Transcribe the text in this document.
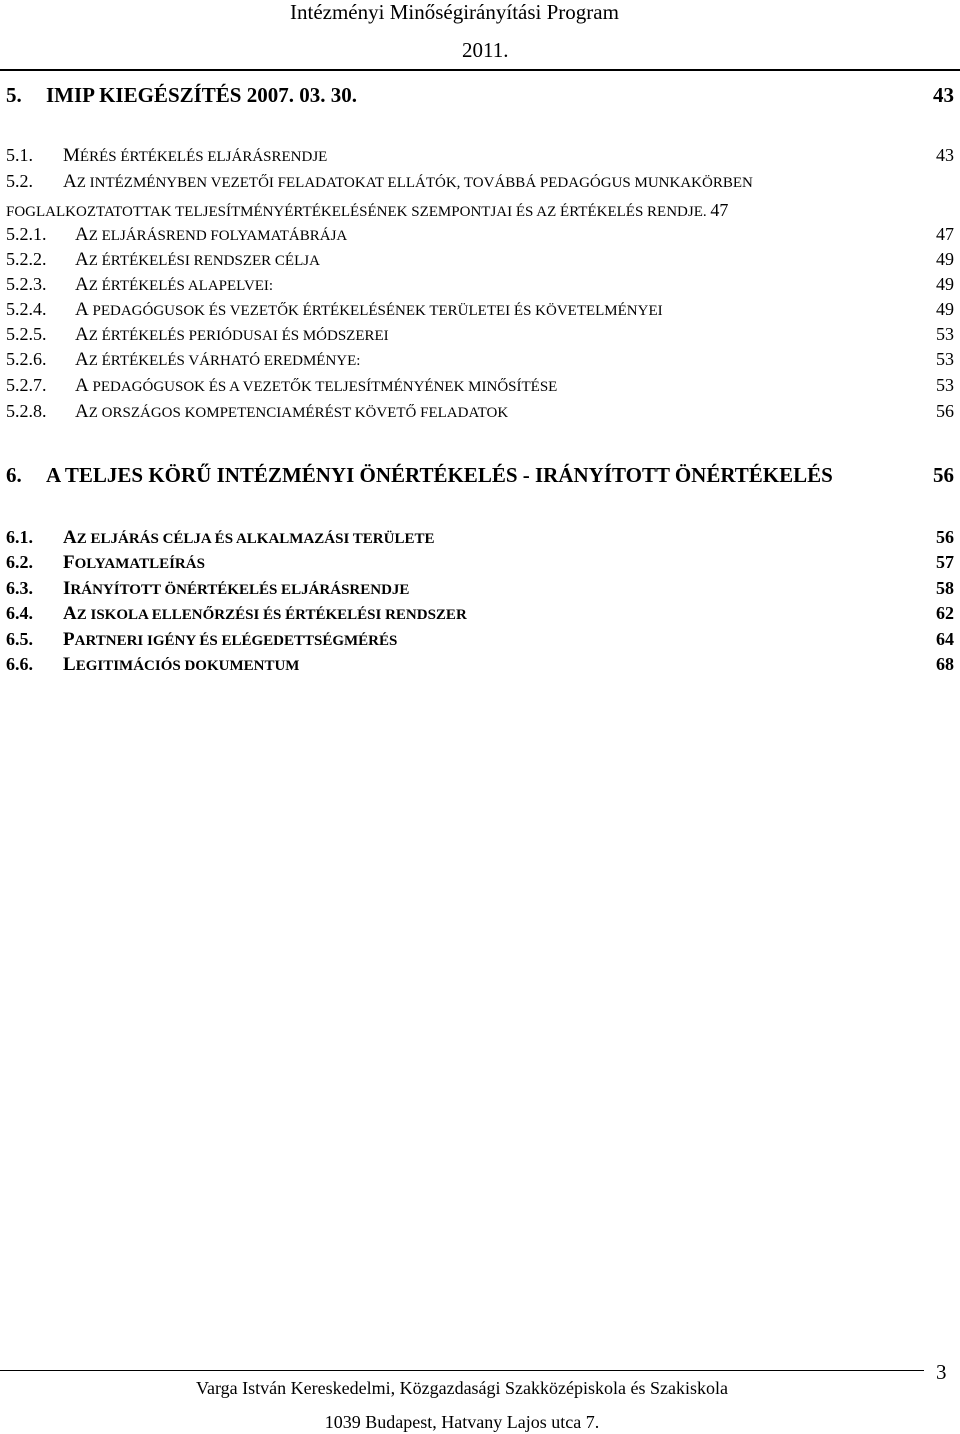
Intézményi Minőségirányítási Program
2011.
5. IMIP KIEGÉSZÍTÉS 2007. 03. 30.	43
5.1. MÉRÉS ÉRTÉKELÉS ELJÁRÁSRENDJE	43
5.2. AZ INTÉZMÉNYBEN VEZETŐI FELADATOKAT ELLÁTÓK, TOVÁBBÁ PEDAGÓGUS MUNKAKÖRBEN
FOGLALKOZTATOTTAK TELJESÍTMÉNYÉRTÉKELÉSÉNEK SZEMPONTJAI ÉS AZ ÉRTÉKELÉS RENDJE. 47
5.2.1. AZ ELJÁRÁSREND FOLYAMATÁBRÁJA	47
5.2.2. AZ ÉRTÉKELÉSI RENDSZER CÉLJA	49
5.2.3. AZ ÉRTÉKELÉS ALAPELVEI:	49
5.2.4. A PEDAGÓGUSOK ÉS VEZETŐK ÉRTÉKELÉSÉNEK TERÜLETEI ÉS KÖVETELMÉNYEI	49
5.2.5. AZ ÉRTÉKELÉS PERIÓDUSAI ÉS MÓDSZEREI	53
5.2.6. AZ ÉRTÉKELÉS VÁRHATÓ EREDMÉNYE:	53
5.2.7. A PEDAGÓGUSOK ÉS A VEZETŐK TELJESÍTMÉNYÉNEK MINŐSÍTÉSE	53
5.2.8. AZ ORSZÁGOS KOMPETENCIAMÉRÉST KÖVETŐ FELADATOK	56
6. A TELJES KÖRŰ INTÉZMÉNYI ÖNÉRTÉKELÉS - IRÁNYÍTOTT ÖNÉRTÉKELÉS	56
6.1. AZ ELJÁRÁS CÉLJA ÉS ALKALMAZÁSI TERÜLETE	56
6.2. FOLYAMATLEÍRÁS	57
6.3. IRÁNYÍTOTT ÖNÉRTÉKELÉS ELJÁRÁSRENDJE	58
6.4. AZ ISKOLA ELLENŐRZÉSI ÉS ÉRTÉKELÉSI RENDSZER	62
6.5. PARTNERI IGÉNY ÉS ELÉGEDETTSÉGMÉRÉS	64
6.6. LEGITIMÁCIÓS DOKUMENTUM	68
Varga István Kereskedelmi, Közgazdasági Szakközépiskola és Szakiskola
1039 Budapest, Hatvany Lajos utca 7.
3
